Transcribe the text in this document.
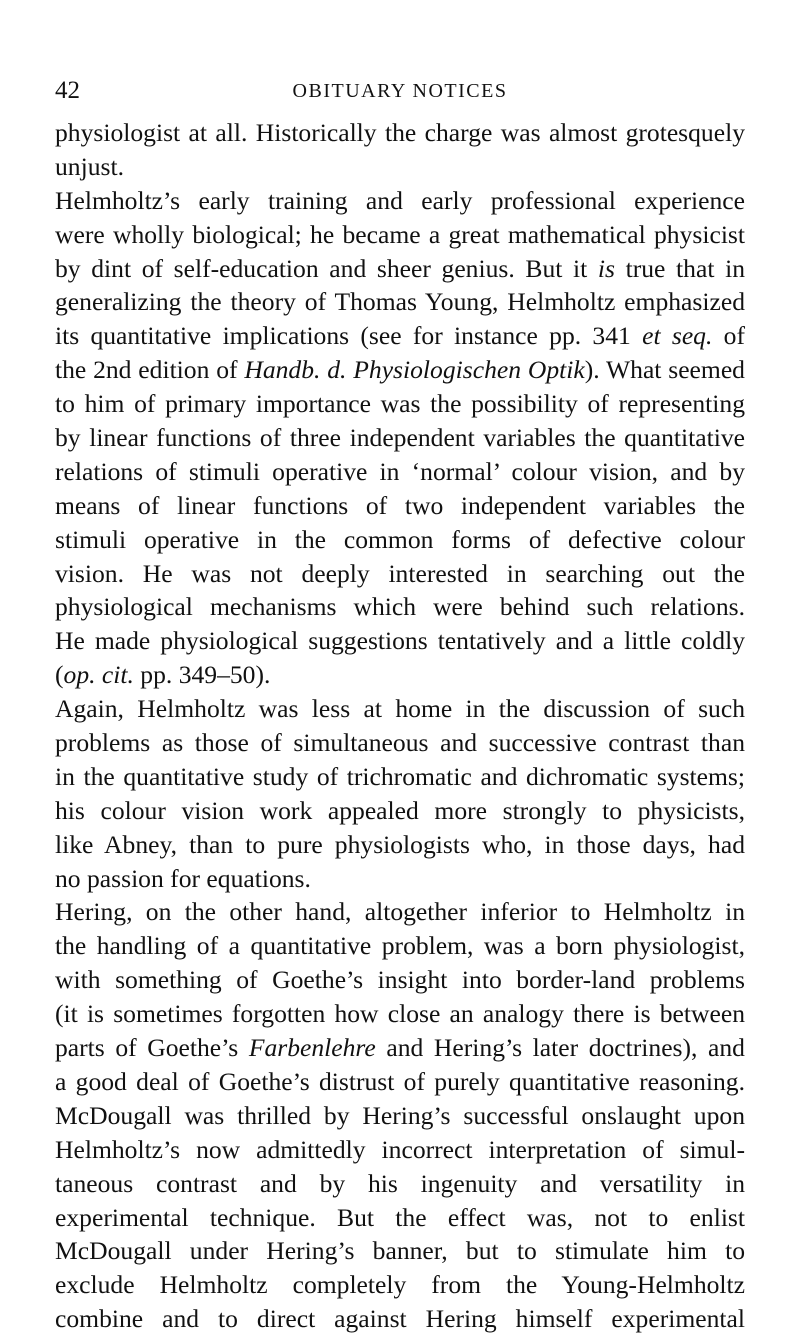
42	OBITUARY NOTICES
physiologist at all. Historically the charge was almost grotesquely
unjust.
Helmholtz’s early training and early professional experience
were wholly biological; he became a great mathematical physicist
by dint of self-education and sheer genius. But it is true that in
generalizing the theory of Thomas Young, Helmholtz emphasized
its quantitative implications (see for instance pp. 341 et seq. of
the 2nd edition of Handb. d. Physiologischen Optik). What seemed
to him of primary importance was the possibility of representing
by linear functions of three independent variables the quantitative
relations of stimuli operative in ‘normal’ colour vision, and by
means of linear functions of two independent variables the
stimuli operative in the common forms of defective colour
vision. He was not deeply interested in searching out the
physiological mechanisms which were behind such relations.
He made physiological suggestions tentatively and a little coldly
(op. cit. pp. 349–50).
Again, Helmholtz was less at home in the discussion of such
problems as those of simultaneous and successive contrast than
in the quantitative study of trichromatic and dichromatic systems;
his colour vision work appealed more strongly to physicists,
like Abney, than to pure physiologists who, in those days, had
no passion for equations.
Hering, on the other hand, altogether inferior to Helmholtz in
the handling of a quantitative problem, was a born physiologist,
with something of Goethe’s insight into border-land problems
(it is sometimes forgotten how close an analogy there is between
parts of Goethe’s Farbenlehre and Hering’s later doctrines), and
a good deal of Goethe’s distrust of purely quantitative reasoning.
McDougall was thrilled by Hering’s successful onslaught upon
Helmholtz’s now admittedly incorrect interpretation of simul-
taneous contrast and by his ingenuity and versatility in
experimental technique. But the effect was, not to enlist
McDougall under Hering’s banner, but to stimulate him to
exclude Helmholtz completely from the Young-Helmholtz
combine and to direct against Hering himself experimental
